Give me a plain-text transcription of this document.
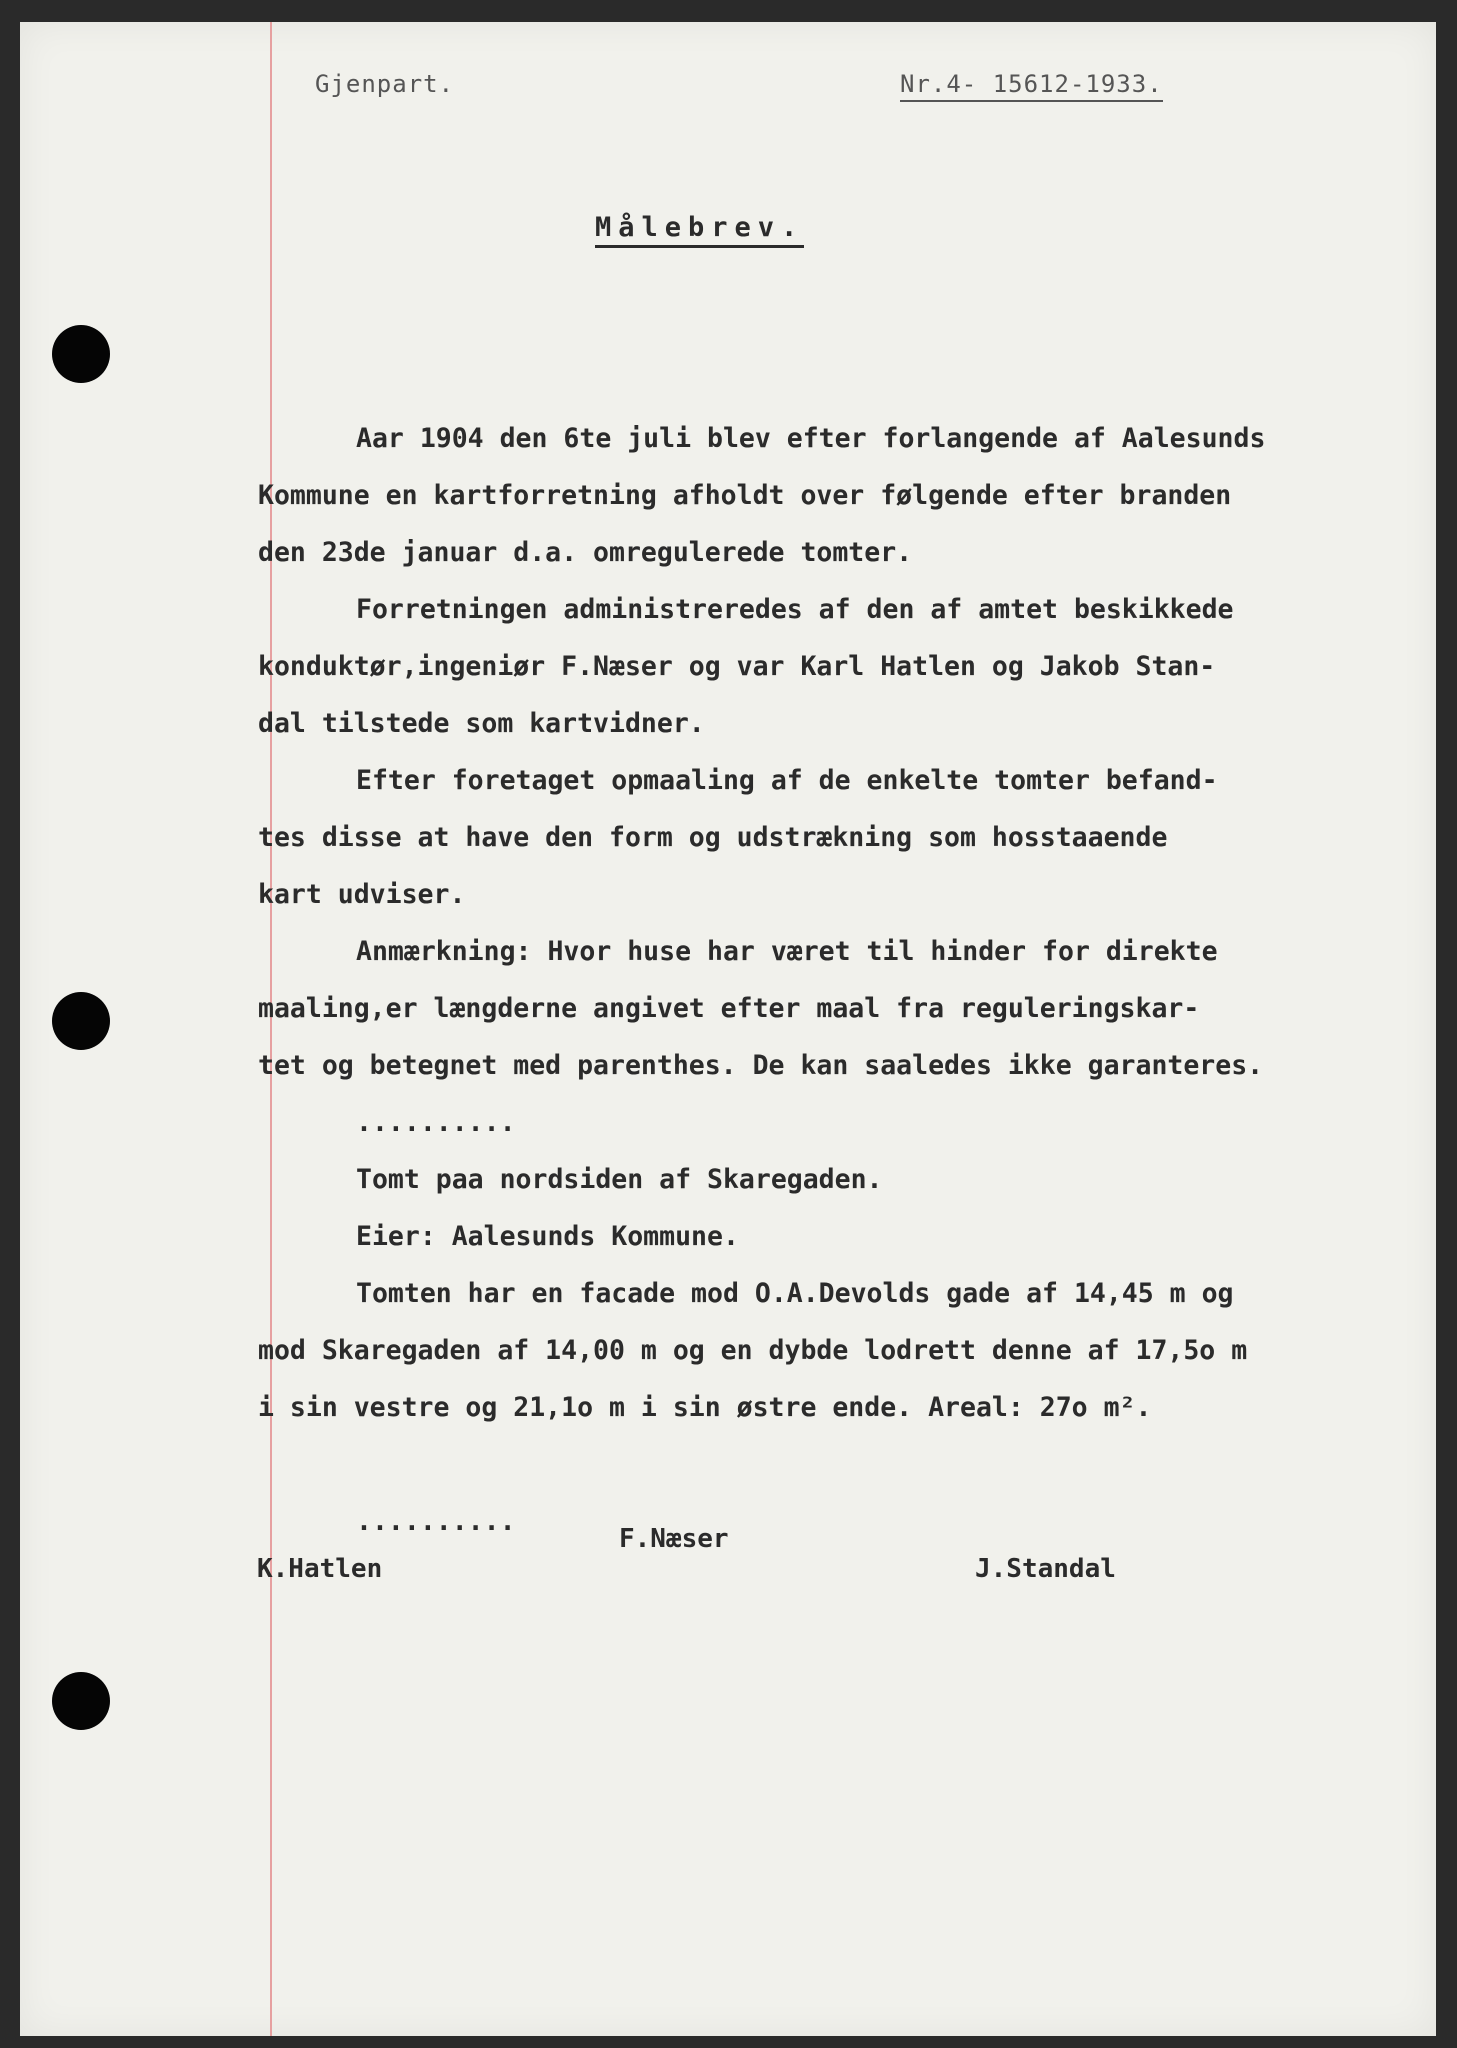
Gjenpart.	Nr.4- 15612-1933.
Målebrev.
Aar 1904 den 6te juli blev efter forlangende af Aalesunds
Kommune en kartforretning afholdt over følgende efter branden
den 23de januar d.a. omregulerede tomter.
Forretningen administreredes af den af amtet beskikkede
konduktør,ingeniør F.Næser og var Karl Hatlen og Jakob Stan-
dal tilstede som kartvidner.
Efter foretaget opmaaling af de enkelte tomter befand-
tes disse at have den form og udstrækning som hosstaaende
kart udviser.
Anmærkning: Hvor huse har været til hinder for direkte
maaling,er længderne angivet efter maal fra reguleringskar-
tet og betegnet med parenthes. De kan saaledes ikke garanteres.
..........
Tomt paa nordsiden af Skaregaden.
Eier: Aalesunds Kommune.
Tomten har en facade mod O.A.Devolds gade af 14,45 m og
mod Skaregaden af 14,00 m og en dybde lodrett denne af 17,5o m
i sin vestre og 21,1o m i sin østre ende. Areal: 27o m².
..........
F.Næser
K.Hatlen	J.Standal
